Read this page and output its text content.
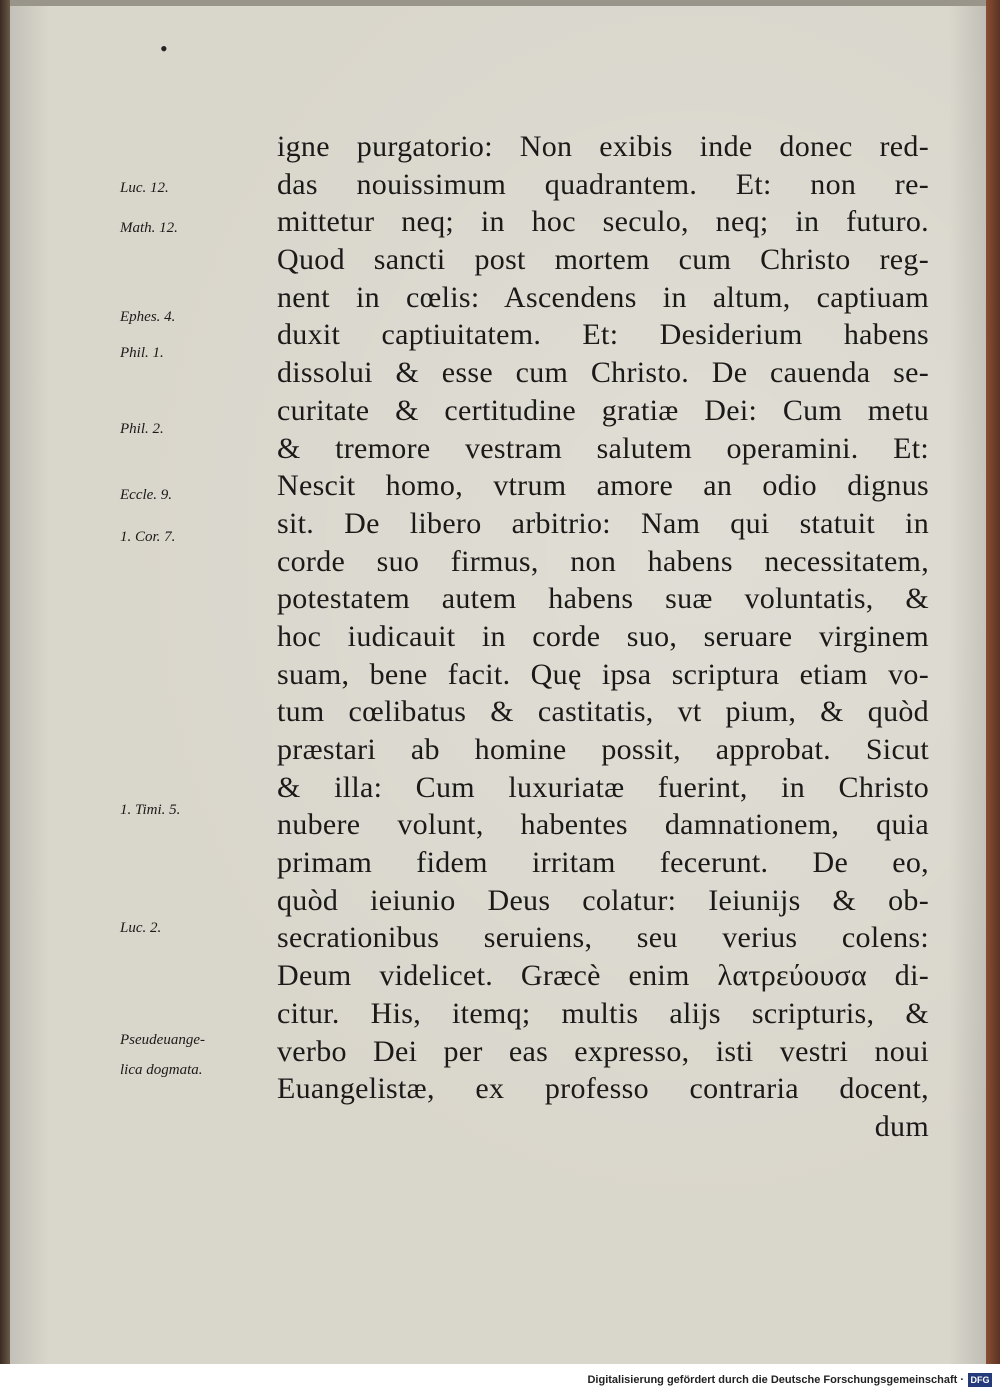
•
igne purgatorio: Non exibis inde donec red-
das nouissimum quadrantem. Et: non re-
mittetur neq; in hoc seculo, neq; in futuro.
Quod sancti post mortem cum Christo reg-
nent in cœlis: Ascendens in altum, captiuam
duxit captiuitatem. Et: Desiderium habens
dissolui & esse cum Christo. De cauenda se-
curitate & certitudine gratiæ Dei: Cum metu
& tremore vestram salutem operamini. Et:
Nescit homo, vtrum amore an odio dignus
sit. De libero arbitrio: Nam qui statuit in
corde suo firmus, non habens necessitatem,
potestatem autem habens suæ voluntatis, &
hoc iudicauit in corde suo, seruare virginem
suam, bene facit. Quę ipsa scriptura etiam vo-
tum cœlibatus & castitatis, vt pium, & quòd
præstari ab homine possit, approbat. Sicut
& illa: Cum luxuriatæ fuerint, in Christo
nubere volunt, habentes damnationem, quia
primam fidem irritam fecerunt. De eo,
quòd ieiunio Deus colatur: Ieiunijs & ob-
secrationibus seruiens, seu verius colens:
Deum videlicet. Græcè enim λατρεύουσα di-
citur. His, itemq; multis alijs scripturis, &
verbo Dei per eas expresso, isti vestri noui
Euangelistæ, ex professo contraria docent,
dum
Luc. 12.
Math. 12.
Ephes. 4.
Phil. 1.
Phil. 2.
Eccle. 9.
1. Cor. 7.
1. Timi. 5.
Luc. 2.
Pseudeuange-
lica dogmata.
Digitalisierung gefördert durch die Deutsche Forschungsgemeinschaft · DFG
